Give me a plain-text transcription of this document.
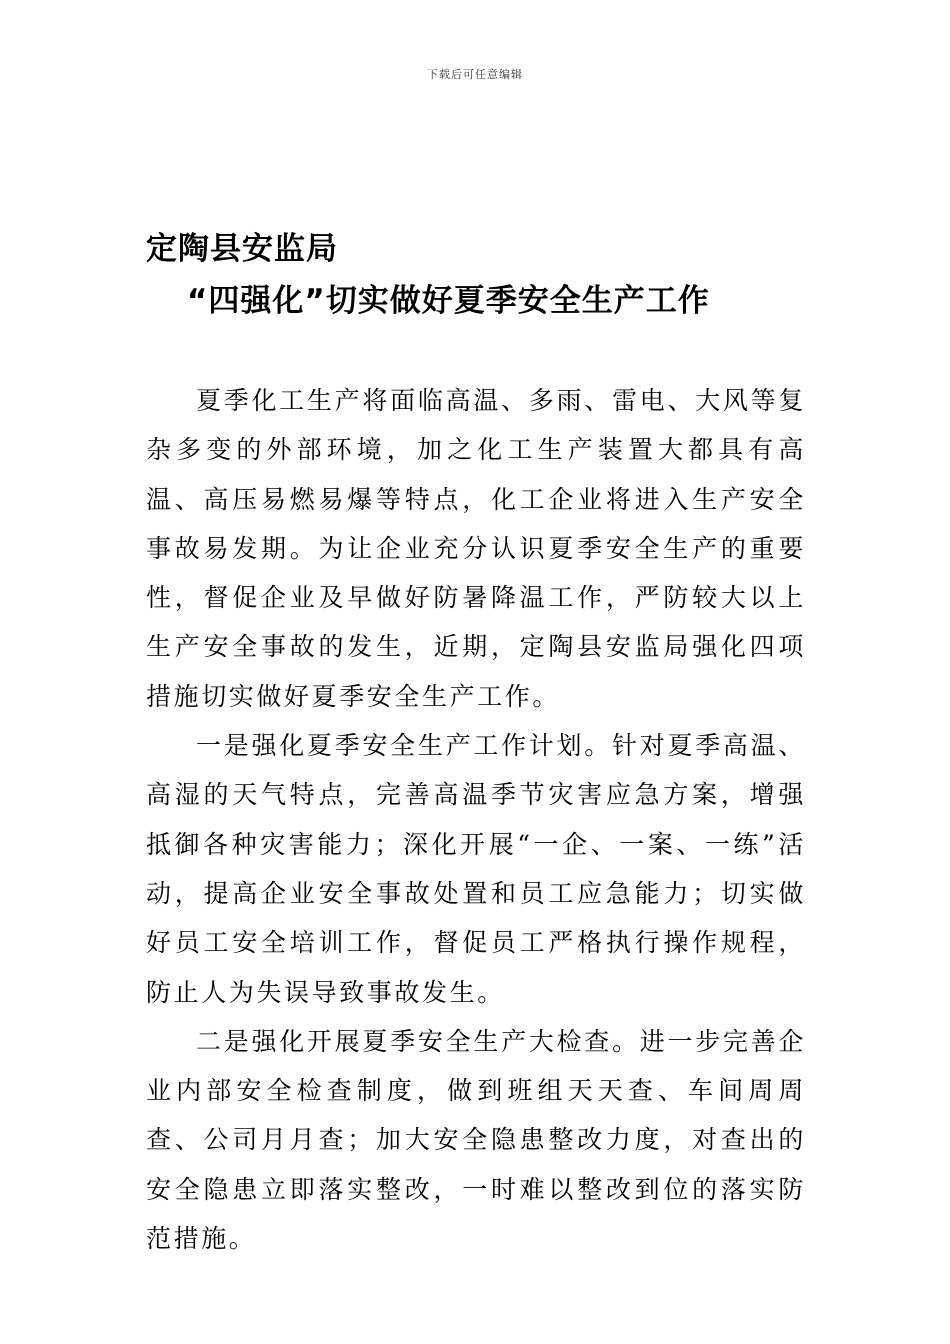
下载后可任意编辑
定陶县安监局
“四强化”切实做好夏季安全生产工作

夏季化工生产将面临高温、多雨、雷电、大风等复杂多变的外部环境，加之化工生产装置大都具有高温、高压易燃易爆等特点，化工企业将进入生产安全事故易发期。为让企业充分认识夏季安全生产的重要性，督促企业及早做好防暑降温工作，严防较大以上生产安全事故的发生，近期，定陶县安监局强化四项措施切实做好夏季安全生产工作。

一是强化夏季安全生产工作计划。针对夏季高温、高湿的天气特点，完善高温季节灾害应急方案，增强抵御各种灾害能力；深化开展“一企、一案、一练”活动，提高企业安全事故处置和员工应急能力；切实做好员工安全培训工作，督促员工严格执行操作规程，防止人为失误导致事故发生。

二是强化开展夏季安全生产大检查。进一步完善企业内部安全检查制度，做到班组天天查、车间周周查、公司月月查；加大安全隐患整改力度，对查出的安全隐患立即落实整改，一时难以整改到位的落实防范措施。
